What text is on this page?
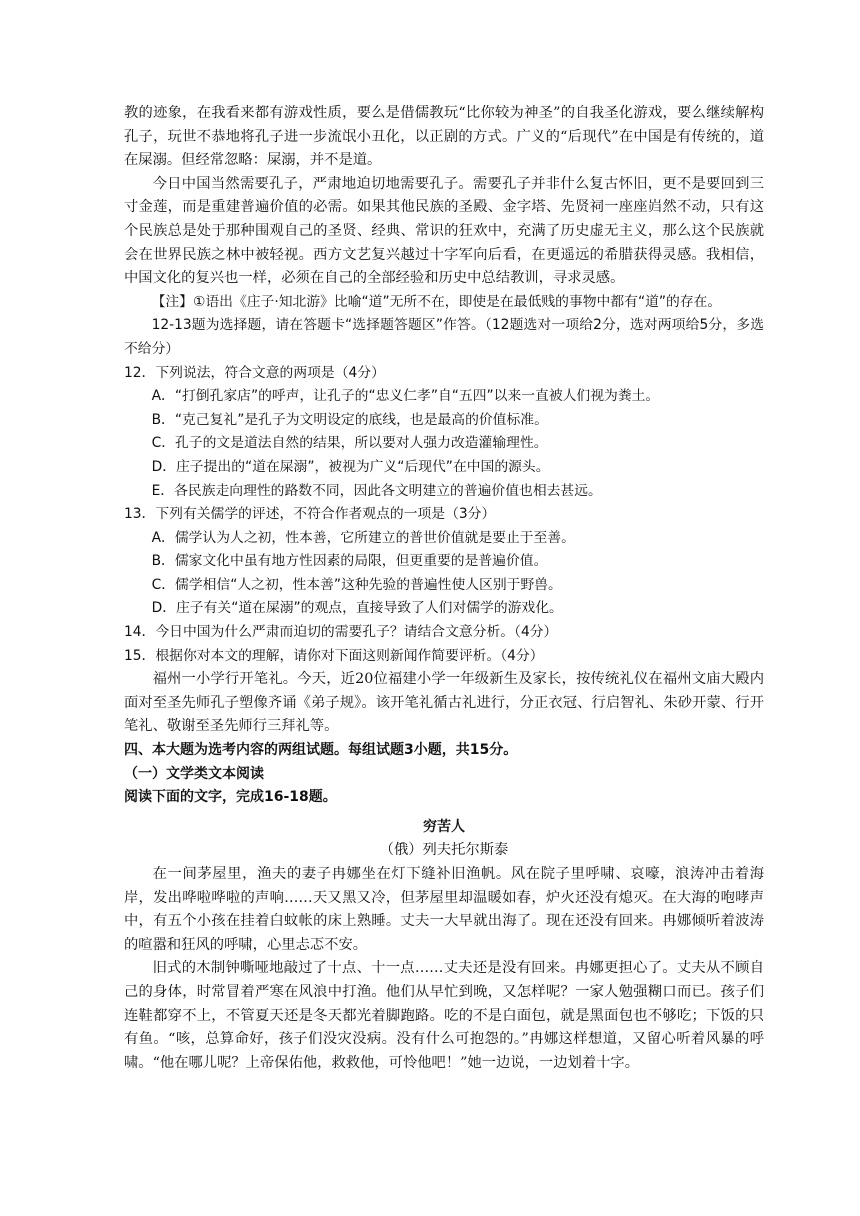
教的迹象，在我看来都有游戏性质，要么是借儒教玩“比你较为神圣”的自我圣化游戏，要么继续解构孔子，玩世不恭地将孔子进一步流氓小丑化，以正剧的方式。广义的“后现代”在中国是有传统的，道在屎溺。但经常忽略：屎溺，并不是道。

今日中国当然需要孔子，严肃地迫切地需要孔子。需要孔子并非什么复古怀旧，更不是要回到三寸金莲，而是重建普遍价值的必需。如果其他民族的圣殿、金字塔、先贤祠一座座岿然不动，只有这个民族总是处于那种围观自己的圣贤、经典、常识的狂欢中，充满了历史虚无主义，那么这个民族就会在世界民族之林中被轻视。西方文艺复兴越过十字军向后看，在更遥远的希腊获得灵感。我相信，中国文化的复兴也一样，必须在自己的全部经验和历史中总结教训，寻求灵感。

【注】①语出《庄子·知北游》比喻“道”无所不在，即使是在最低贱的事物中都有“道”的存在。

12-13题为选择题，请在答题卡“选择题答题区”作答。（12题选对一项给2分，选对两项给5分，多选不给分）

12．下列说法，符合文意的两项是（4分）

A．“打倒孔家店”的呼声，让孔子的“忠义仁孝”自“五四”以来一直被人们视为粪土。

B．“克己复礼”是孔子为文明设定的底线，也是最高的价值标准。

C．孔子的文是道法自然的结果，所以要对人强力改造灌输理性。

D．庄子提出的“道在屎溺”，被视为广义“后现代”在中国的源头。

E．各民族走向理性的路数不同，因此各文明建立的普遍价值也相去甚远。

13．下列有关儒学的评述，不符合作者观点的一项是（3分）

A．儒学认为人之初，性本善，它所建立的普世价值就是要止于至善。

B．儒家文化中虽有地方性因素的局限，但更重要的是普遍价值。

C．儒学相信“人之初，性本善”这种先验的普遍性使人区别于野兽。

D．庄子有关“道在屎溺”的观点，直接导致了人们对儒学的游戏化。

14．今日中国为什么严肃而迫切的需要孔子？请结合文意分析。（4分）

15．根据你对本文的理解，请你对下面这则新闻作简要评析。（4分）

福州一小学行开笔礼。今天，近20位福建小学一年级新生及家长，按传统礼仪在福州文庙大殿内面对至圣先师孔子塑像齐诵《弟子规》。该开笔礼循古礼进行，分正衣冠、行启智礼、朱砂开蒙、行开笔礼、敬谢至圣先师行三拜礼等。

四、本大题为选考内容的两组试题。每组试题3小题，共15分。

（一）文学类文本阅读

阅读下面的文字，完成16-18题。

穷苦人

（俄）列夫托尔斯泰

在一间茅屋里，渔夫的妻子冉娜坐在灯下缝补旧渔帆。风在院子里呼啸、哀嚎，浪涛冲击着海岸，发出哗啦哗啦的声响……天又黑又冷，但茅屋里却温暖如春，炉火还没有熄灭。在大海的咆哮声中，有五个小孩在挂着白蚊帐的床上熟睡。丈夫一大早就出海了。现在还没有回来。冉娜倾听着波涛的喧嚣和狂风的呼啸，心里忐忑不安。

旧式的木制钟嘶哑地敲过了十点、十一点……丈夫还是没有回来。冉娜更担心了。丈夫从不顾自己的身体，时常冒着严寒在风浪中打渔。他们从早忙到晚，又怎样呢？一家人勉强糊口而已。孩子们连鞋都穿不上，不管夏天还是冬天都光着脚跑路。吃的不是白面包，就是黑面包也不够吃；下饭的只有鱼。“咳，总算命好，孩子们没灾没病。没有什么可抱怨的。”冉娜这样想道，又留心听着风暴的呼啸。“他在哪儿呢？上帝保佑他，救救他，可怜他吧！”她一边说，一边划着十字。
